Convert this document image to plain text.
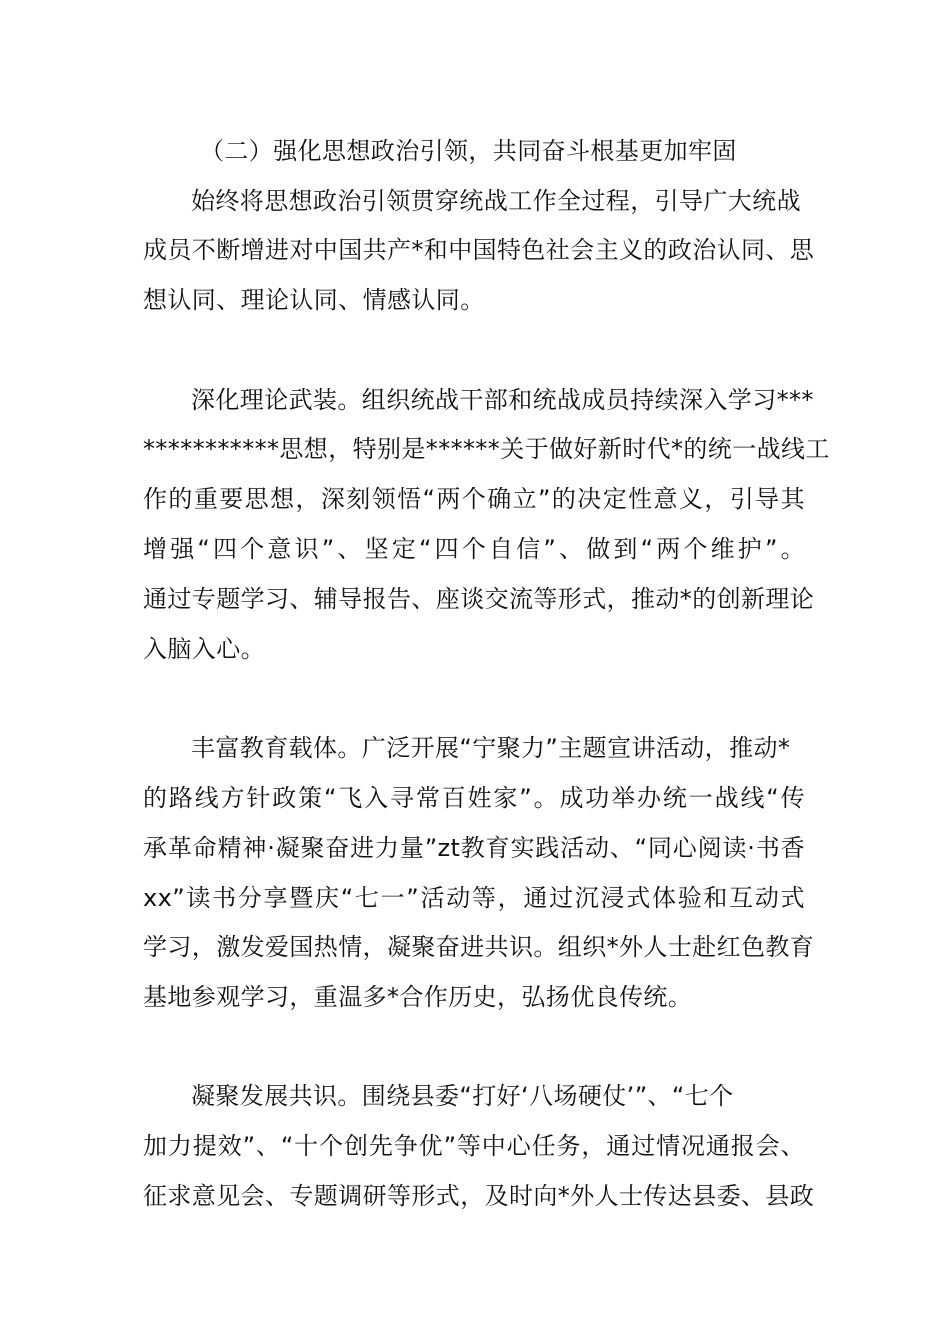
（二）强化思想政治引领，共同奋斗根基更加牢固
始终将思想政治引领贯穿统战工作全过程，引导广大统战
成员不断增进对中国共产*和中国特色社会主义的政治认同、思
想认同、理论认同、情感认同。
深化理论武装。组织统战干部和统战成员持续深入学习***
***********思想，特别是******关于做好新时代*的统一战线工
作的重要思想，深刻领悟“两个确立”的决定性意义，引导其
增强“四个意识”、坚定“四个自信”、做到“两个维护”。
通过专题学习、辅导报告、座谈交流等形式，推动*的创新理论
入脑入心。
丰富教育载体。广泛开展“宁聚力”主题宣讲活动，推动*
的路线方针政策“飞入寻常百姓家”。成功举办统一战线“传
承革命精神·凝聚奋进力量”zt教育实践活动、“同心阅读·书香
xx”读书分享暨庆“七一”活动等，通过沉浸式体验和互动式
学习，激发爱国热情，凝聚奋进共识。组织*外人士赴红色教育
基地参观学习，重温多*合作历史，弘扬优良传统。
凝聚发展共识。围绕县委“打好‘八场硬仗’”、“七个
加力提效”、“十个创先争优”等中心任务，通过情况通报会、
征求意见会、专题调研等形式，及时向*外人士传达县委、县政
